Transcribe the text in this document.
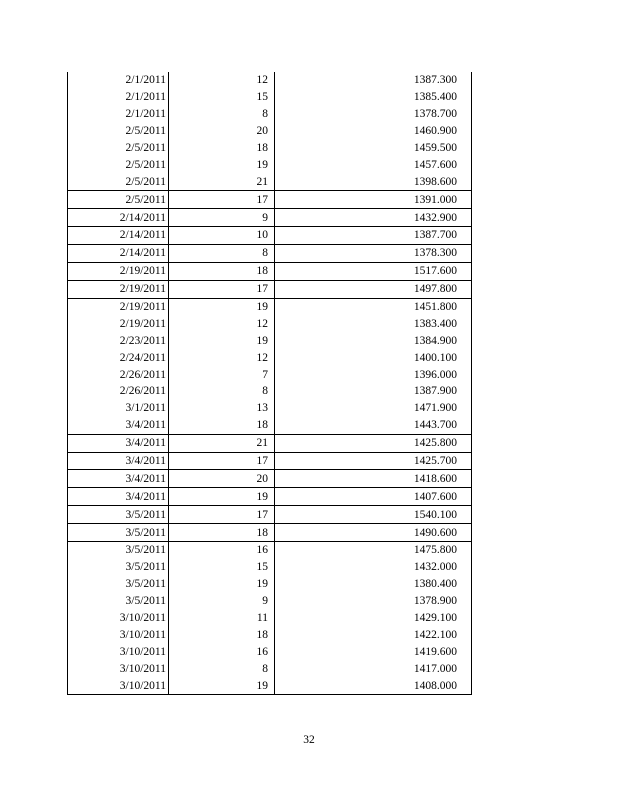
2/1/2011	12	1387.300
2/1/2011	15	1385.400
2/1/2011	8	1378.700
2/5/2011	20	1460.900
2/5/2011	18	1459.500
2/5/2011	19	1457.600
2/5/2011	21	1398.600
2/5/2011	17	1391.000
2/14/2011	9	1432.900
2/14/2011	10	1387.700
2/14/2011	8	1378.300
2/19/2011	18	1517.600
2/19/2011	17	1497.800
2/19/2011	19	1451.800
2/19/2011	12	1383.400
2/23/2011	19	1384.900
2/24/2011	12	1400.100
2/26/2011	7	1396.000
2/26/2011	8	1387.900
3/1/2011	13	1471.900
3/4/2011	18	1443.700
3/4/2011	21	1425.800
3/4/2011	17	1425.700
3/4/2011	20	1418.600
3/4/2011	19	1407.600
3/5/2011	17	1540.100
3/5/2011	18	1490.600
3/5/2011	16	1475.800
3/5/2011	15	1432.000
3/5/2011	19	1380.400
3/5/2011	9	1378.900
3/10/2011	11	1429.100
3/10/2011	18	1422.100
3/10/2011	16	1419.600
3/10/2011	8	1417.000
3/10/2011	19	1408.000
32
